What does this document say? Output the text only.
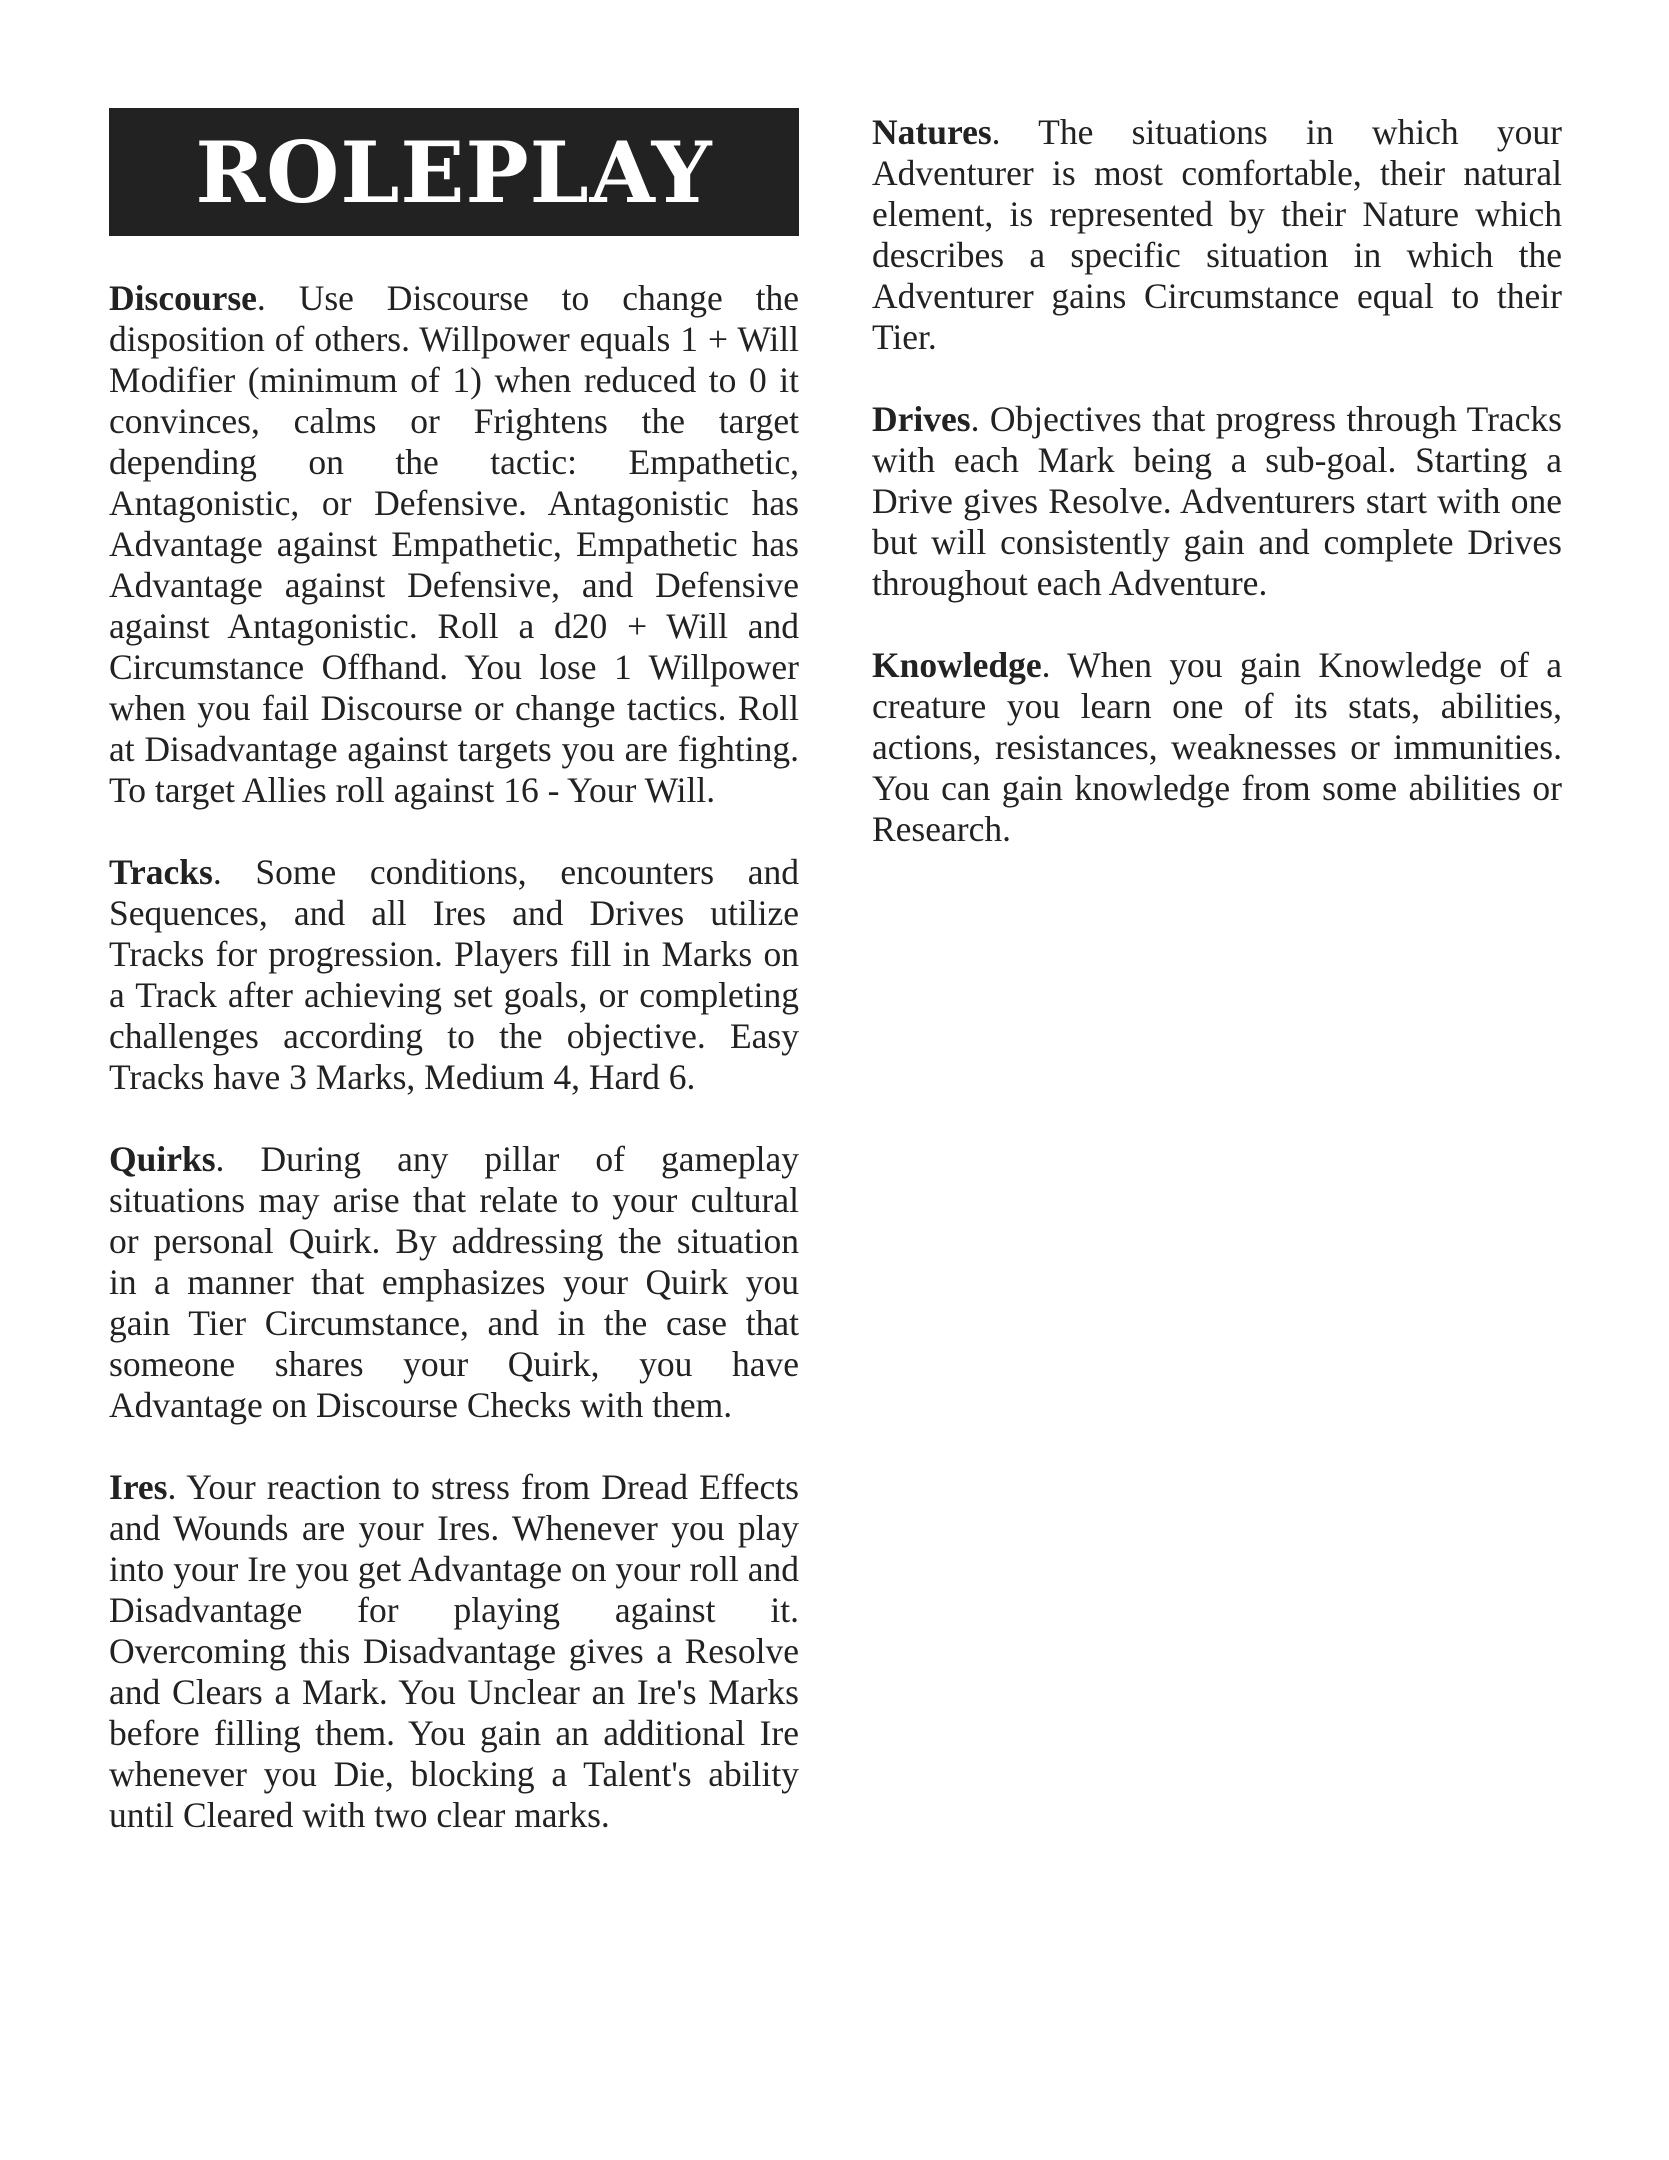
ROLEPLAY

Discourse. Use Discourse to change the disposition of others. Willpower equals 1 + Will Modifier (minimum of 1) when reduced to 0 it convinces, calms or Frightens the target depending on the tactic: Empathetic, Antagonistic, or Defensive. Antagonistic has Advantage against Empathetic, Empathetic has Advantage against Defensive, and Defensive against Antagonistic. Roll a d20 + Will and Circumstance Offhand. You lose 1 Willpower when you fail Discourse or change tactics. Roll at Disadvantage against targets you are fighting. To target Allies roll against 16 - Your Will.

Tracks. Some conditions, encounters and Sequences, and all Ires and Drives utilize Tracks for progression. Players fill in Marks on a Track after achieving set goals, or completing challenges according to the objective. Easy Tracks have 3 Marks, Medium 4, Hard 6.

Quirks. During any pillar of gameplay situations may arise that relate to your cultural or personal Quirk. By addressing the situation in a manner that emphasizes your Quirk you gain Tier Circumstance, and in the case that someone shares your Quirk, you have Advantage on Discourse Checks with them.

Ires. Your reaction to stress from Dread Effects and Wounds are your Ires. Whenever you play into your Ire you get Advantage on your roll and Disadvantage for playing against it. Overcoming this Disadvantage gives a Resolve and Clears a Mark. You Unclear an Ire's Marks before filling them. You gain an additional Ire whenever you Die, blocking a Talent's ability until Cleared with two clear marks.

Natures. The situations in which your Adventurer is most comfortable, their natural element, is represented by their Nature which describes a specific situation in which the Adventurer gains Circumstance equal to their Tier.

Drives. Objectives that progress through Tracks with each Mark being a sub-goal. Starting a Drive gives Resolve. Adventurers start with one but will consistently gain and complete Drives throughout each Adventure.

Knowledge. When you gain Knowledge of a creature you learn one of its stats, abilities, actions, resistances, weaknesses or immunities. You can gain knowledge from some abilities or Research.
